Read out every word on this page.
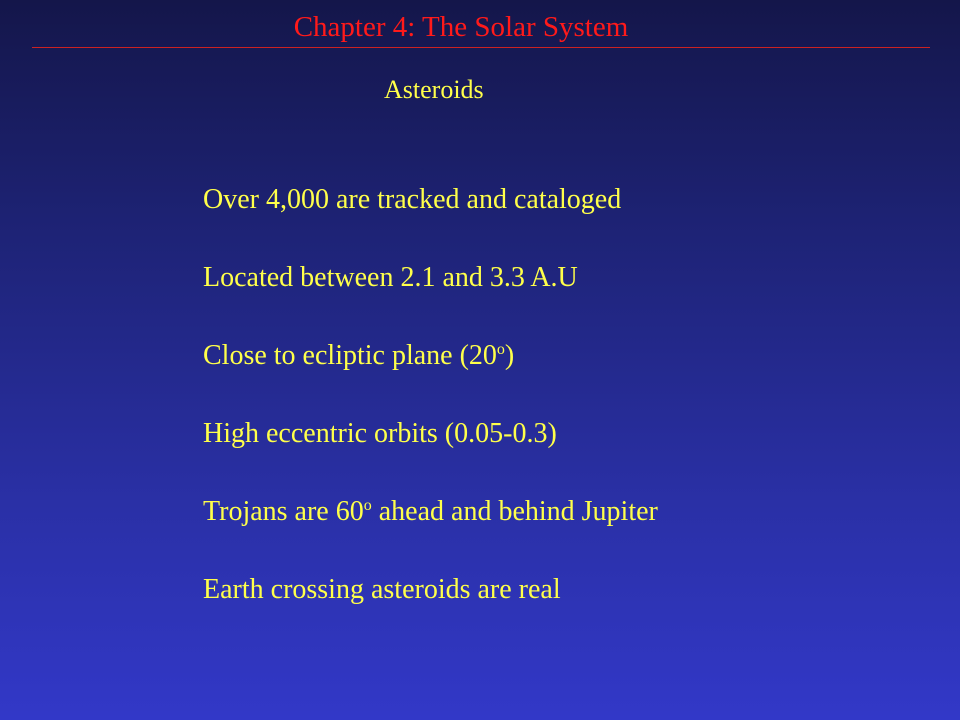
Chapter 4: The Solar System
Asteroids
Over 4,000 are tracked and cataloged
Located between 2.1 and 3.3 A.U
Close to ecliptic plane (20$^o$)
High eccentric orbits (0.05-0.3)
Trojans are 60$^o$ ahead and behind Jupiter
Earth crossing asteroids are real
